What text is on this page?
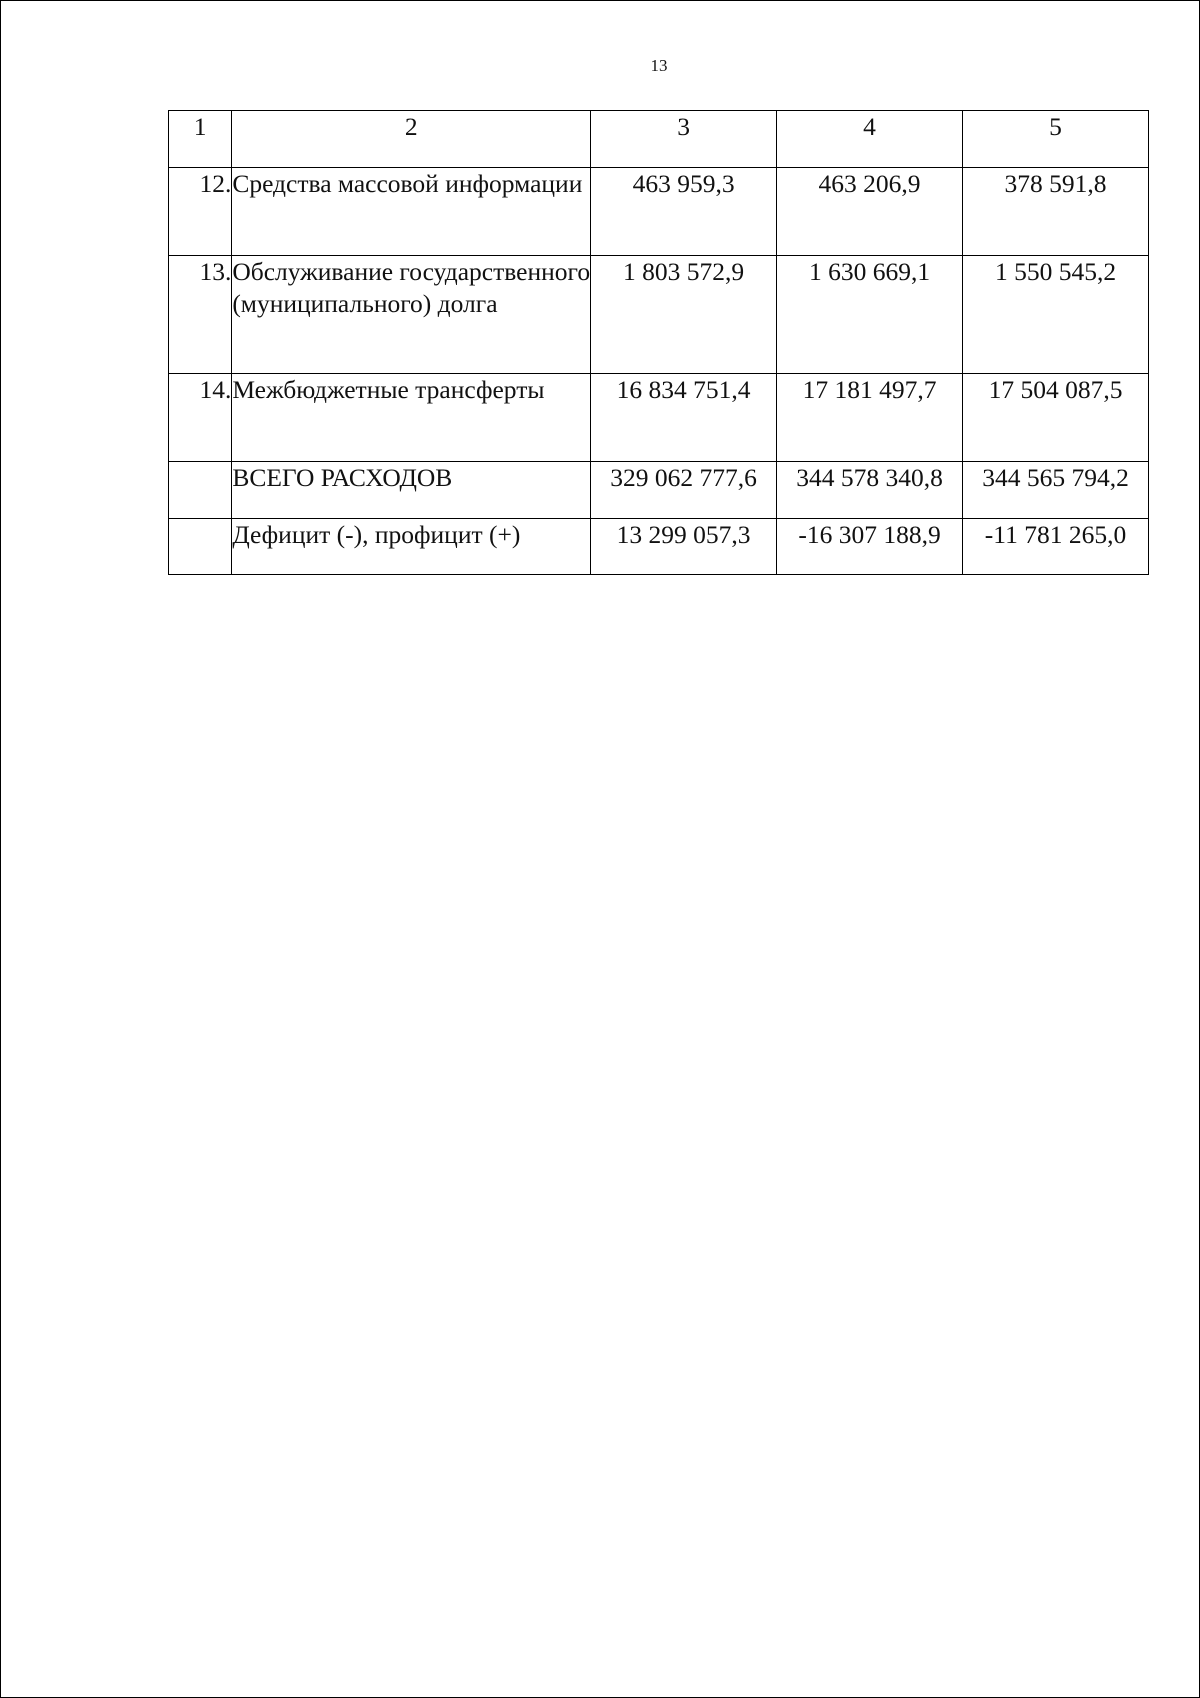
13
1	2	3	4	5
12.	Средства массовой информации	463 959,3	463 206,9	378 591,8
13.	Обслуживание государственного (муниципального) долга	1 803 572,9	1 630 669,1	1 550 545,2
14.	Межбюджетные трансферты	16 834 751,4	17 181 497,7	17 504 087,5
	ВСЕГО РАСХОДОВ	329 062 777,6	344 578 340,8	344 565 794,2
	Дефицит (-), профицит (+)	13 299 057,3	-16 307 188,9	-11 781 265,0
